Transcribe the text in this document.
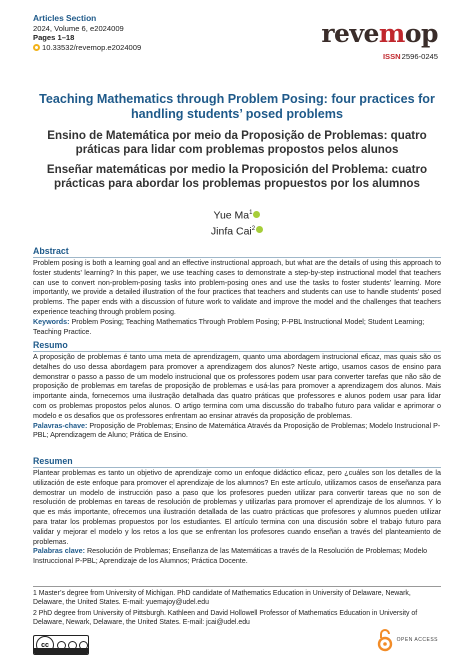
Articles Section
2024, Volume 6, e2024009
Pages 1–18
10.33532/revemop.e2024009	revemop
ISSN 2596-0245
Teaching Mathematics through Problem Posing: four practices for handling students’ posed problems
Ensino de Matemática por meio da Proposição de Problemas: quatro práticas para lidar com problemas propostos pelos alunos
Enseñar matemáticas por medio la Proposición del Problema: cuatro prácticas para abordar los problemas propuestos por los alumnos
Yue Ma$^1$
Jinfa Cai$^2$
Abstract

Problem posing is both a learning goal and an effective instructional approach, but what are the details of using this approach to foster students’ learning? In this paper, we use teaching cases to demonstrate a step-by-step instructional model that teachers can use to convert non-problem-posing tasks into problem-posing ones and use the tasks to foster students’ learning. More importantly, we provide a detailed illustration of the four practices that teachers and students can use to handle students’ posed problems. The paper ends with a discussion of future work to validate and improve the model and the challenges that teachers experience teaching through problem posing.

Keywords: Problem Posing; Teaching Mathematics Through Problem Posing; P-PBL Instructional Model; Student Learning; Teaching Practice.
Resumo

A proposição de problemas é tanto uma meta de aprendizagem, quanto uma abordagem instrucional eficaz, mas quais são os detalhes do uso dessa abordagem para promover a aprendizagem dos alunos? Neste artigo, usamos casos de ensino para demonstrar o passo a passo de um modelo instrucional que os professores podem usar para converter tarefas que não são de proposição de problemas em tarefas de proposição de problemas e usá-las para promover a aprendizagem dos alunos. Mais importante ainda, fornecemos uma ilustração detalhada das quatro práticas que professores e alunos podem usar para lidar com os problemas propostos pelos alunos. O artigo termina com uma discussão do trabalho futuro para validar e aprimorar o modelo e os desafios que os professores enfrentam ao ensinar através da proposição de problemas.

Palavras-chave: Proposição de Problemas; Ensino de Matemática Através da Proposição de Problemas; Modelo Instrucional P-PBL; Aprendizagem de Aluno; Prática de Ensino.
Resumen

Plantear problemas es tanto un objetivo de aprendizaje como un enfoque didáctico eficaz, pero ¿cuáles son los detalles de la utilización de este enfoque para promover el aprendizaje de los alumnos? En este artículo, utilizamos casos de enseñanza para demostrar un modelo de instrucción paso a paso que los profesores pueden utilizar para convertir tareas que no son de resolución de problemas en tareas de resolución de problemas y utilizarlas para promover el aprendizaje de los alumnos. Y lo que es más importante, ofrecemos una ilustración detallada de las cuatro prácticas que profesores y alumnos pueden utilizar para tratar los problemas propuestos por los estudiantes. El artículo termina con una discusión sobre el trabajo futuro para validar y mejorar el modelo y los retos a los que se enfrentan los profesores cuando enseñan a través del planteamiento de problemas.

Palabras clave: Resolución de Problemas; Enseñanza de las Matemáticas a través de la Resolución de Problemas; Modelo Instruccional P-PBL; Aprendizaje de los Alumnos; Práctica Docente.
1 Master’s degree from University of Michigan. PhD candidate of Mathematics Education in University of Delaware, Newark, Delaware, the United States. E-mail: yuemajoy@udel.edu
2 PhD degree from University of Pittsburgh. Kathleen and David Hollowell Professor of Mathematics Education in University of Delaware, Newark, Delaware, the United States. E-mail: jcai@udel.edu
cc
OPEN ACCESS
